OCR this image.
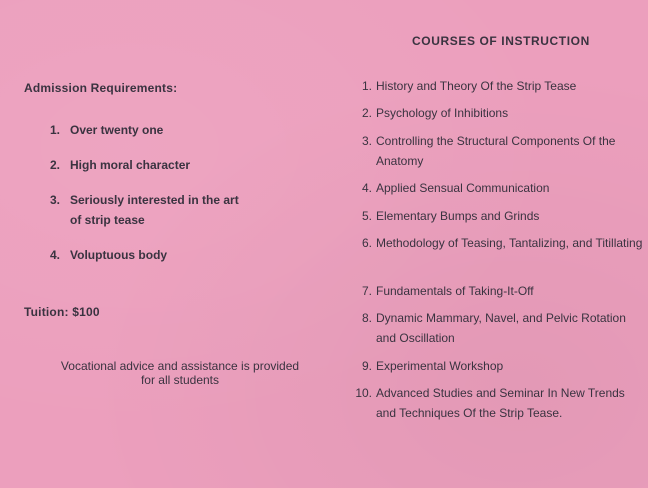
COURSES OF INSTRUCTION
Admission Requirements:
1. Over twenty one
2. High moral character
3. Seriously interested in the art of strip tease
4. Voluptuous body
Tuition: $100
Vocational advice and assistance is provided
for all students
1. History and Theory Of the Strip Tease
2. Psychology of Inhibitions
3. Controlling the Structural Components Of the Anatomy
4. Applied Sensual Communication
5. Elementary Bumps and Grinds
6. Methodology of Teasing, Tantalizing, and Titillating
7. Fundamentals of Taking-It-Off
8. Dynamic Mammary, Navel, and Pelvic Rotation and Oscillation
9. Experimental Workshop
10. Advanced Studies and Seminar In New Trends and Techniques Of the Strip Tease.
